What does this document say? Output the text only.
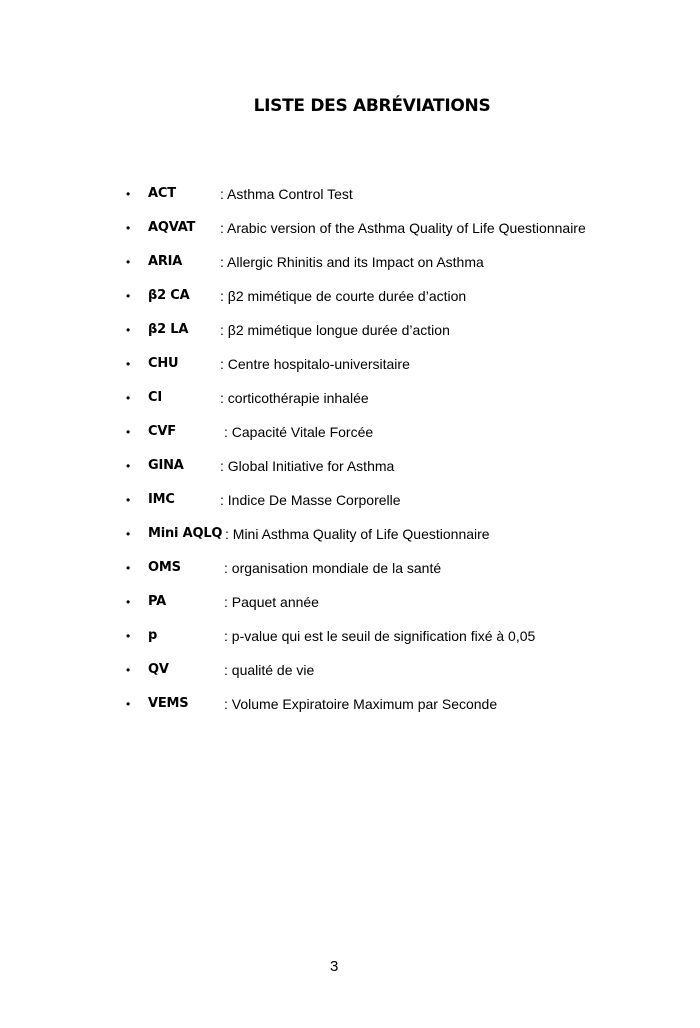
LISTE DES ABRÉVIATIONS
• ACT	: Asthma Control Test
• AQVAT : Arabic version of the Asthma Quality of Life Questionnaire
• ARIA	: Allergic Rhinitis and its Impact on Asthma
• β2 CA : β2 mimétique de courte durée d’action
• β2 LA : β2 mimétique longue durée d’action
• CHU	: Centre hospitalo-universitaire
• CI	: corticothérapie inhalée
• CVF	: Capacité Vitale Forcée
• GINA	: Global Initiative for Asthma
• IMC	: Indice De Masse Corporelle
• Mini AQLQ : Mini Asthma Quality of Life Questionnaire
• OMS	: organisation mondiale de la santé
• PA	: Paquet année
• p	: p-value qui est le seuil de signification fixé à 0,05
• QV	: qualité de vie
• VEMS	: Volume Expiratoire Maximum par Seconde
3
